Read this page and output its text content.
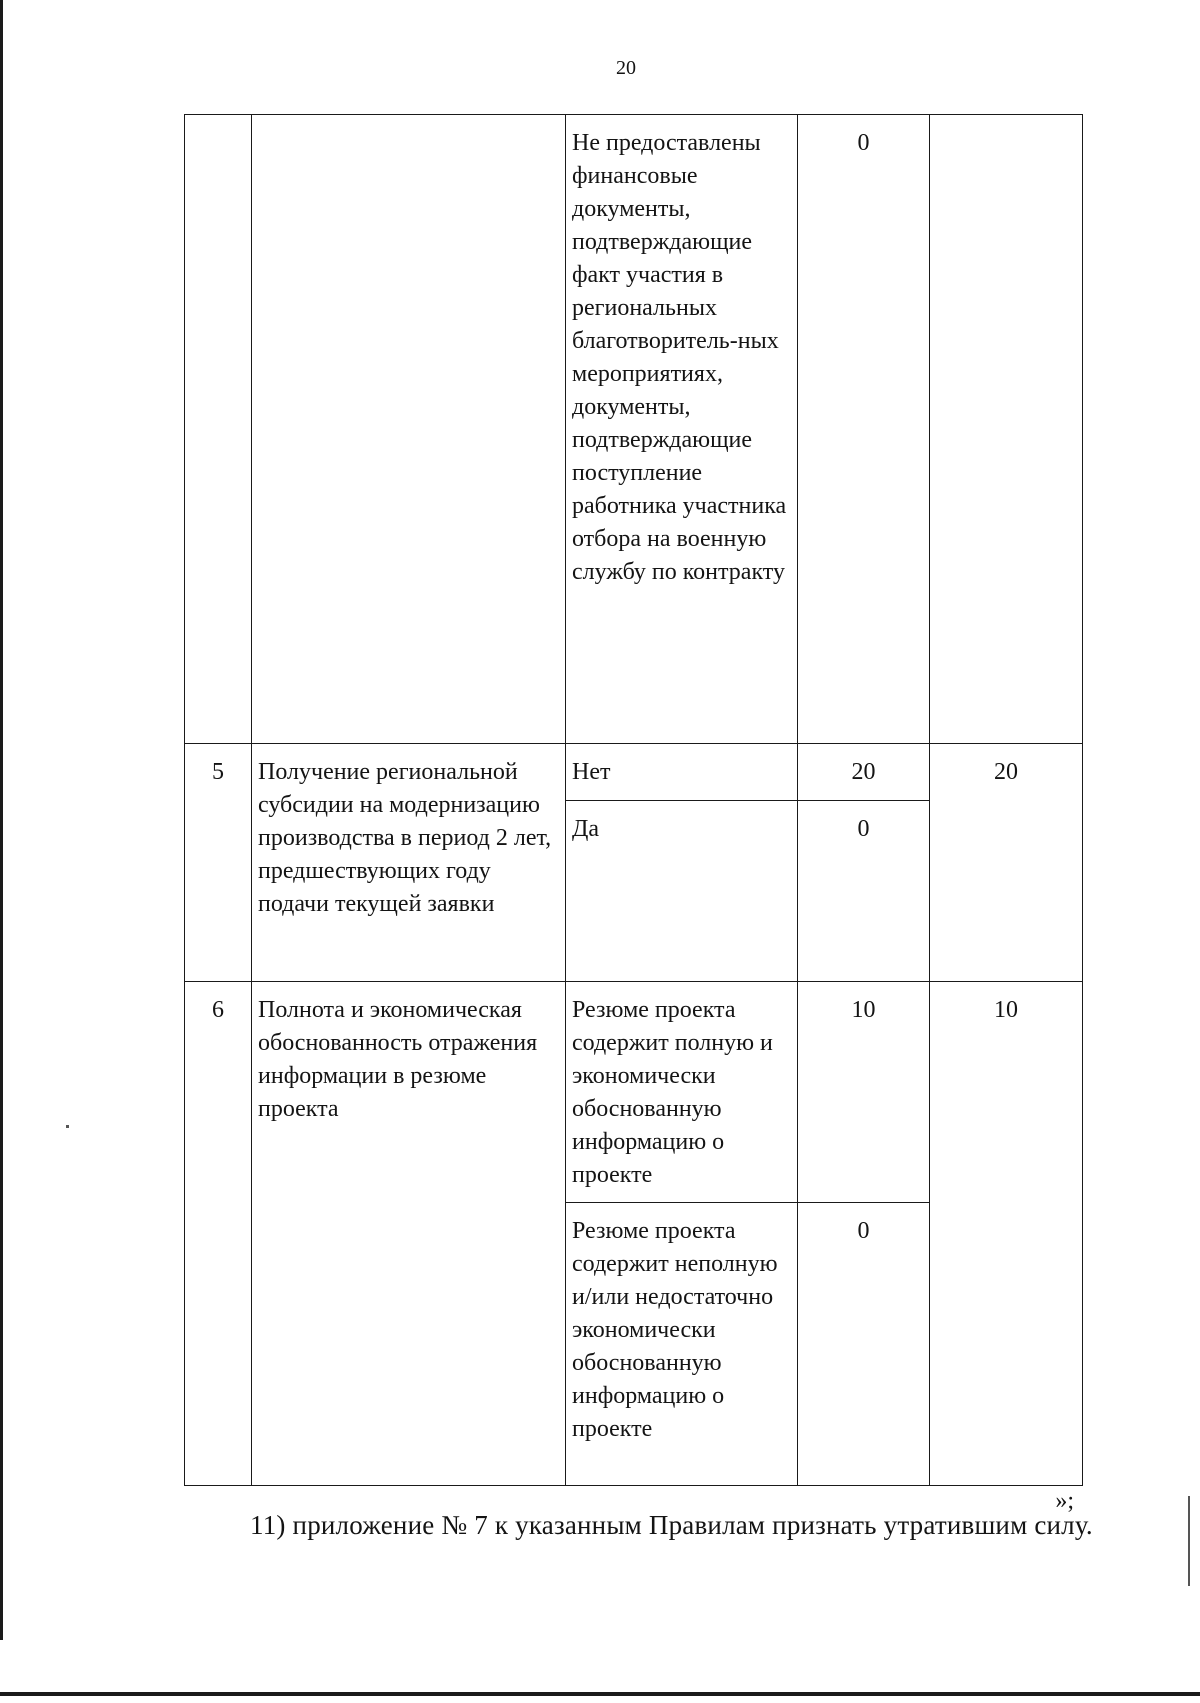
20
		Не предоставлены финансовые документы, подтверждающие факт участия в региональных благотворитель-ных мероприятиях, документы, подтверждающие поступление работника участника отбора на военную службу по контракту	0	
5	Получение региональной субсидии на модернизацию производства в период 2 лет, предшествующих году подачи текущей заявки	Нет	20	20
		Да	0	
6	Полнота и экономическая обоснованность отражения информации в резюме проекта	Резюме проекта содержит полную и экономически обоснованную информацию о проекте	10	10
		Резюме проекта содержит неполную и/или недостаточно экономически обоснованную информацию о проекте	0	
»;
11) приложение № 7 к указанным Правилам признать утратившим силу.
